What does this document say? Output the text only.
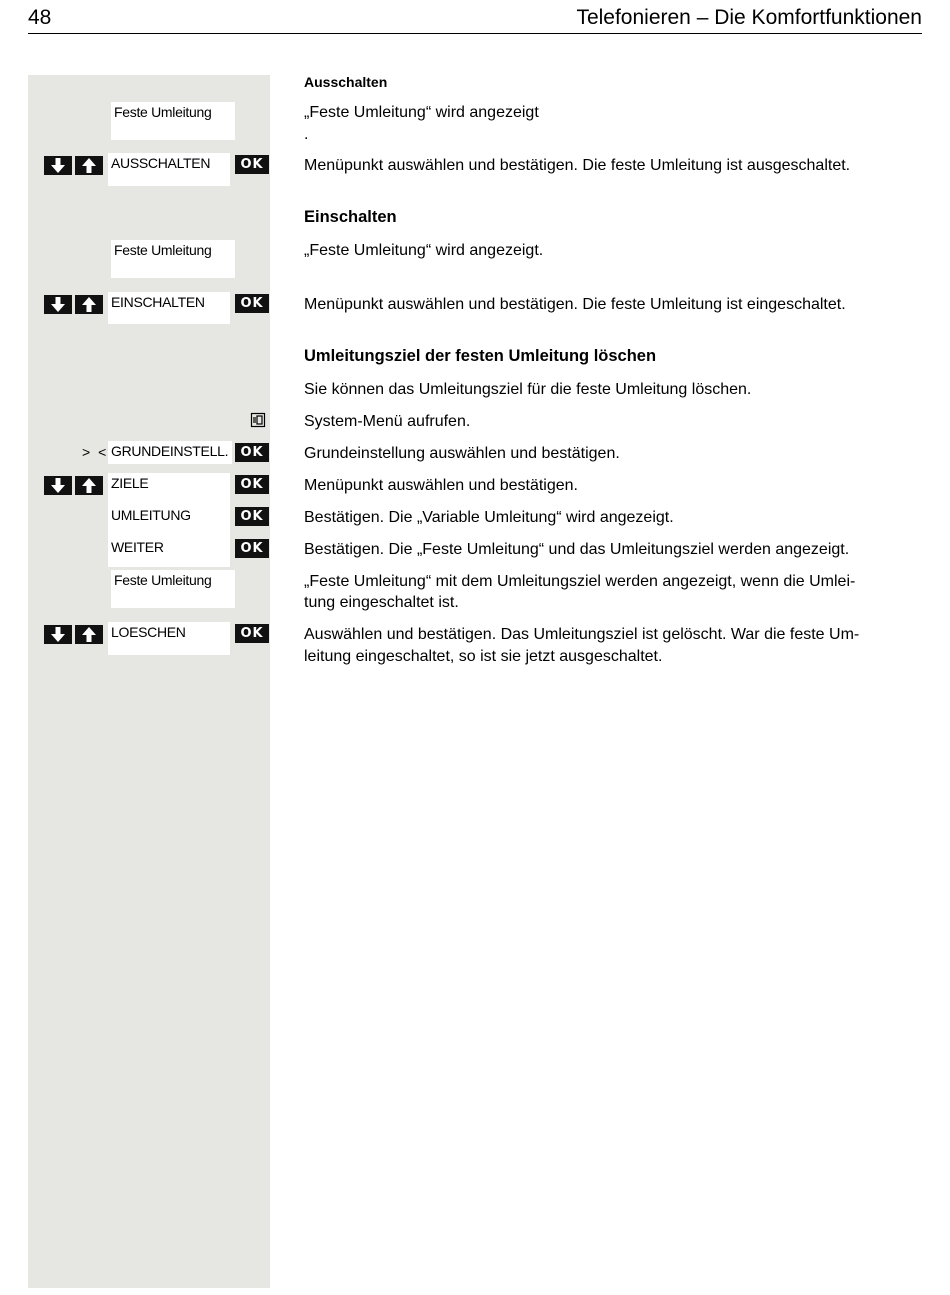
48	Telefonieren – Die Komfortfunktionen
Ausschalten
Feste Umleitung	„Feste Umleitung“ wird angezeigt
.
AUSSCHALTEN	OK	Menüpunkt auswählen und bestätigen. Die feste Umleitung ist ausgeschaltet.
Einschalten
Feste Umleitung	„Feste Umleitung“ wird angezeigt.
EINSCHALTEN	OK	Menüpunkt auswählen und bestätigen. Die feste Umleitung ist eingeschaltet.
Umleitungsziel der festen Umleitung löschen
Sie können das Umleitungsziel für die feste Umleitung löschen.
System-Menü aufrufen.
> < GRUNDEINSTELL. OK	Grundeinstellung auswählen und bestätigen.
ZIELE	OK	Menüpunkt auswählen und bestätigen.
UMLEITUNG	OK	Bestätigen. Die „Variable Umleitung“ wird angezeigt.
WEITER	OK	Bestätigen. Die „Feste Umleitung“ und das Umleitungsziel werden angezeigt.
Feste Umleitung	„Feste Umleitung“ mit dem Umleitungsziel werden angezeigt, wenn die Umlei-
tung eingeschaltet ist.
LOESCHEN	OK	Auswählen und bestätigen. Das Umleitungsziel ist gelöscht. War die feste Um-
leitung eingeschaltet, so ist sie jetzt ausgeschaltet.
